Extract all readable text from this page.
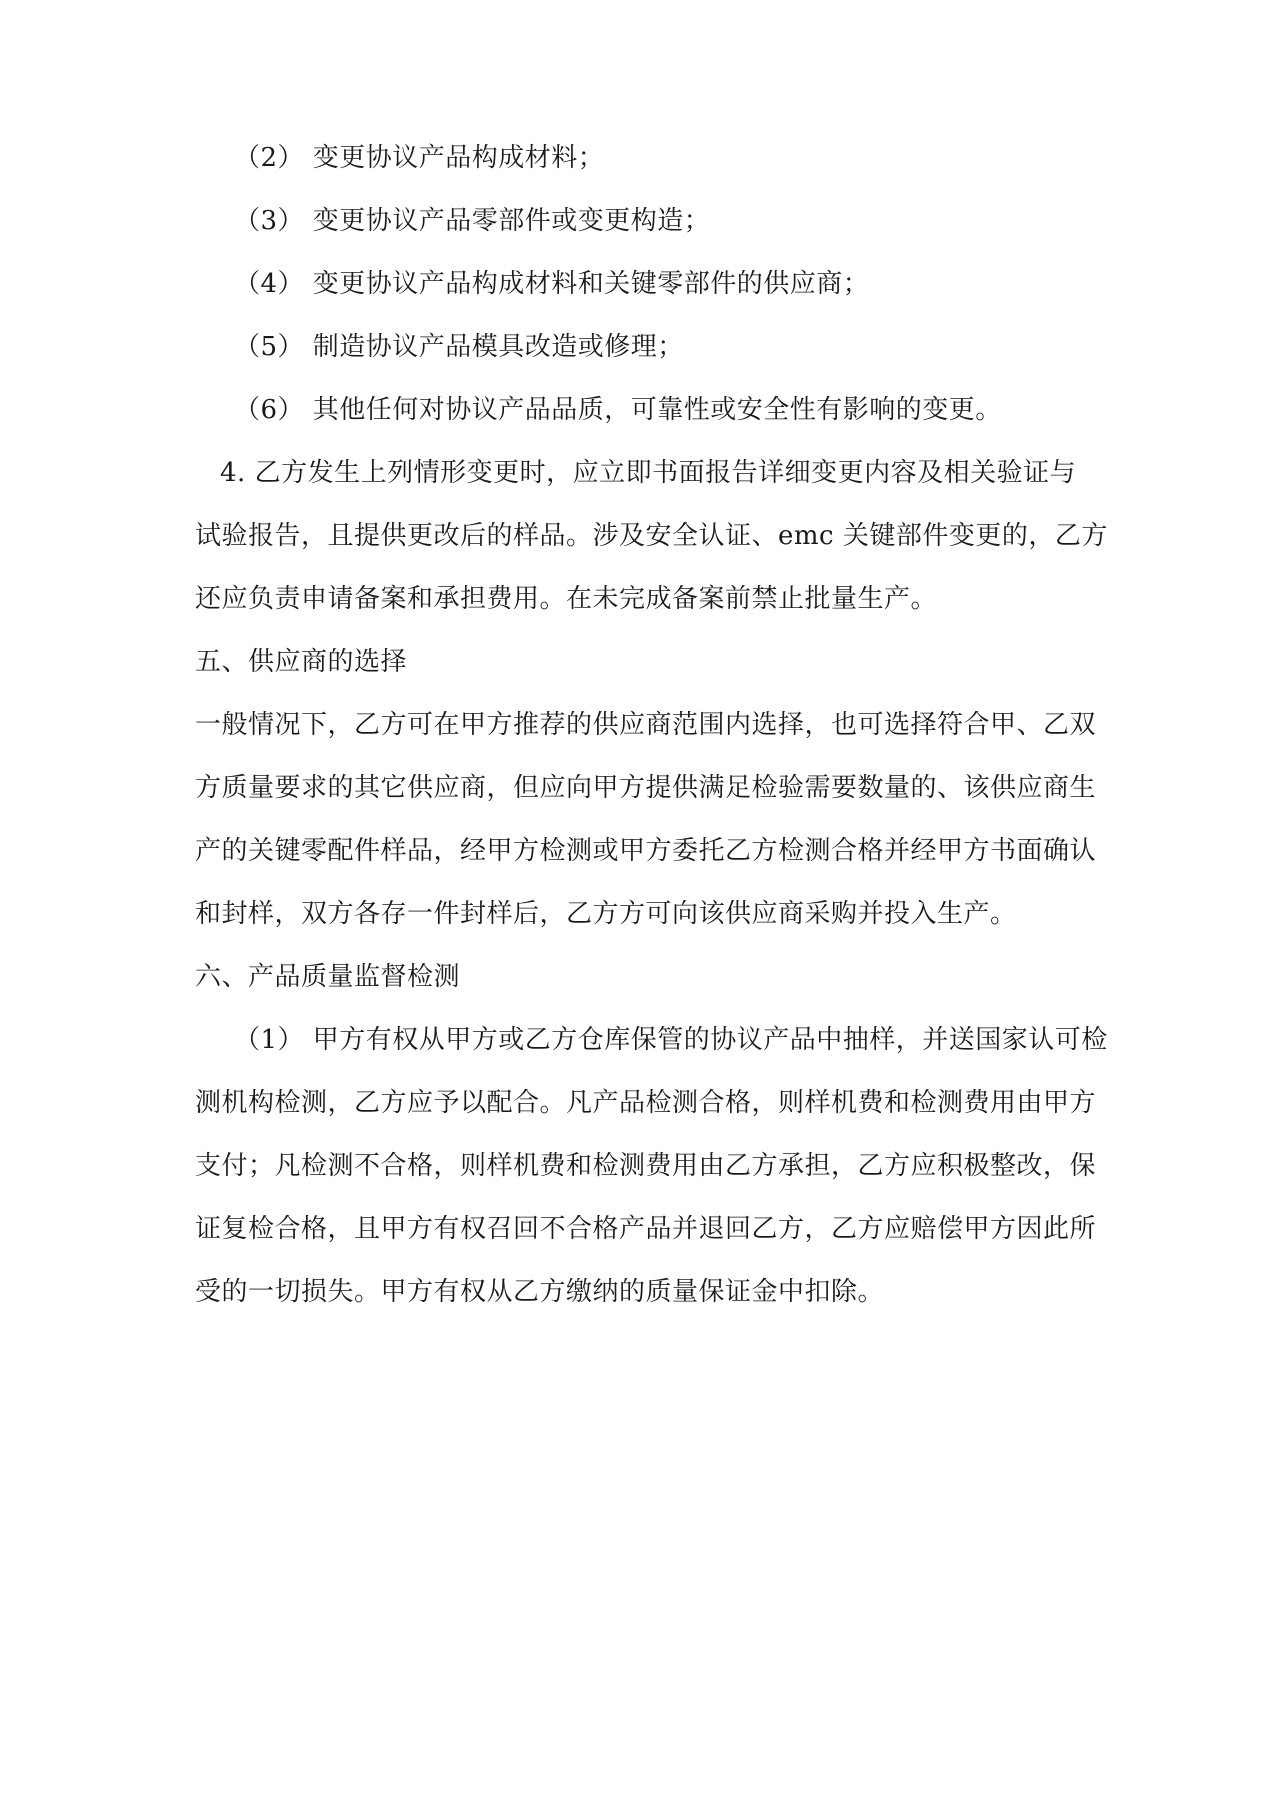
（2） 变更协议产品构成材料；
（3） 变更协议产品零部件或变更构造；
（4） 变更协议产品构成材料和关键零部件的供应商；
（5） 制造协议产品模具改造或修理；
（6） 其他任何对协议产品品质，可靠性或安全性有影响的变更。
4. 乙方发生上列情形变更时，应立即书面报告详细变更内容及相关验证与
试验报告，且提供更改后的样品。涉及安全认证、emc 关键部件变更的，乙方
还应负责申请备案和承担费用。在未完成备案前禁止批量生产。
五、供应商的选择
一般情况下，乙方可在甲方推荐的供应商范围内选择，也可选择符合甲、乙双
方质量要求的其它供应商，但应向甲方提供满足检验需要数量的、该供应商生
产的关键零配件样品，经甲方检测或甲方委托乙方检测合格并经甲方书面确认
和封样，双方各存一件封样后，乙方方可向该供应商采购并投入生产。
六、产品质量监督检测
（1） 甲方有权从甲方或乙方仓库保管的协议产品中抽样，并送国家认可检
测机构检测，乙方应予以配合。凡产品检测合格，则样机费和检测费用由甲方
支付；凡检测不合格，则样机费和检测费用由乙方承担，乙方应积极整改，保
证复检合格，且甲方有权召回不合格产品并退回乙方，乙方应赔偿甲方因此所
受的一切损失。甲方有权从乙方缴纳的质量保证金中扣除。
